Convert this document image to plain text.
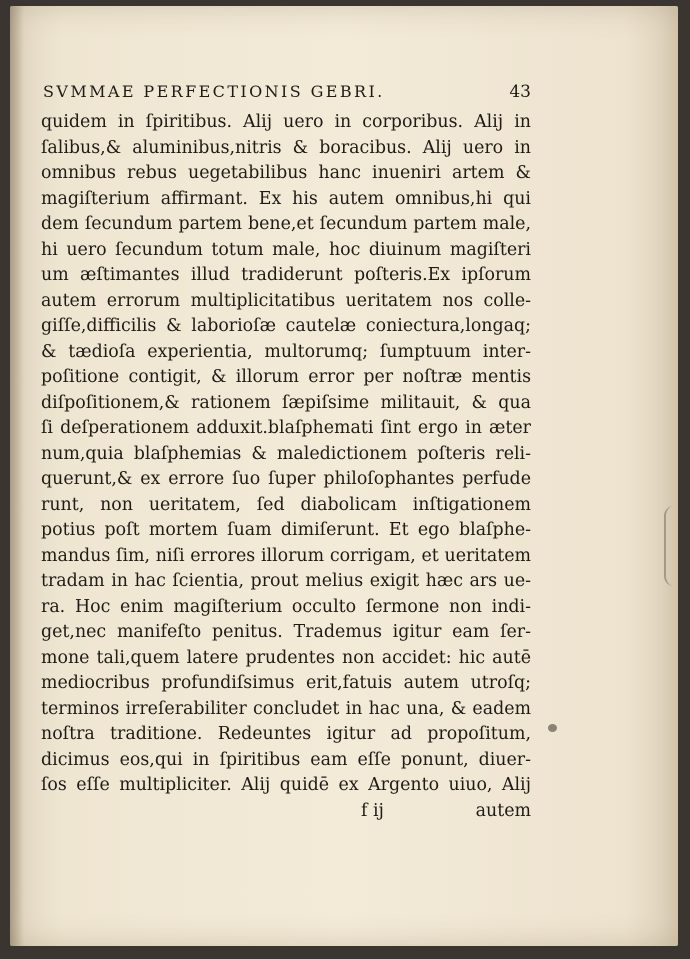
SVMMAE PERFECTIONIS GEBRI.	43
quidem in ſpiritibus. Alij uero in corporibus. Alij in
ſalibus,& aluminibus,nitris & boracibus. Alij uero in
omnibus rebus uegetabilibus hanc inueniri artem &
magiſterium affirmant. Ex his autem omnibus,hi qui
dem ſecundum partem bene,et ſecundum partem male,
hi uero ſecundum totum male, hoc diuinum magiſteri
um æſtimantes illud tradiderunt poſteris.Ex ipſorum
autem errorum multiplicitatibus ueritatem nos colle-
giſſe,difficilis & laborioſæ cautelæ coniectura,longaq;
& tædioſa experientia, multorumq; ſumptuum inter-
poſitione contigit, & illorum error per noſtræ mentis
diſpoſitionem,& rationem ſæpiſsime militauit, & qua
ſi deſperationem adduxit.blaſphemati ſint ergo in æter
num,quia blaſphemias & maledictionem poſteris reli-
querunt,& ex errore ſuo ſuper philoſophantes perfude
runt, non ueritatem, ſed diabolicam inſtigationem
potius poſt mortem ſuam dimiſerunt. Et ego blaſphe-
mandus ſim, niſi errores illorum corrigam, et ueritatem
tradam in hac ſcientia, prout melius exigit hæc ars ue-
ra. Hoc enim magiſterium occulto ſermone non indi-
get,nec manifeſto penitus. Trademus igitur eam ſer-
mone tali,quem latere prudentes non accidet: hic autē
mediocribus profundiſsimus erit,fatuis autem utroſq;
terminos irreſerabiliter concludet in hac una, & eadem
noſtra traditione. Redeuntes igitur ad propoſitum,
dicimus eos,qui in ſpiritibus eam eſſe ponunt, diuer-
ſos eſſe multipliciter. Alij quidē ex Argento uiuo, Alij
f ij	autem
